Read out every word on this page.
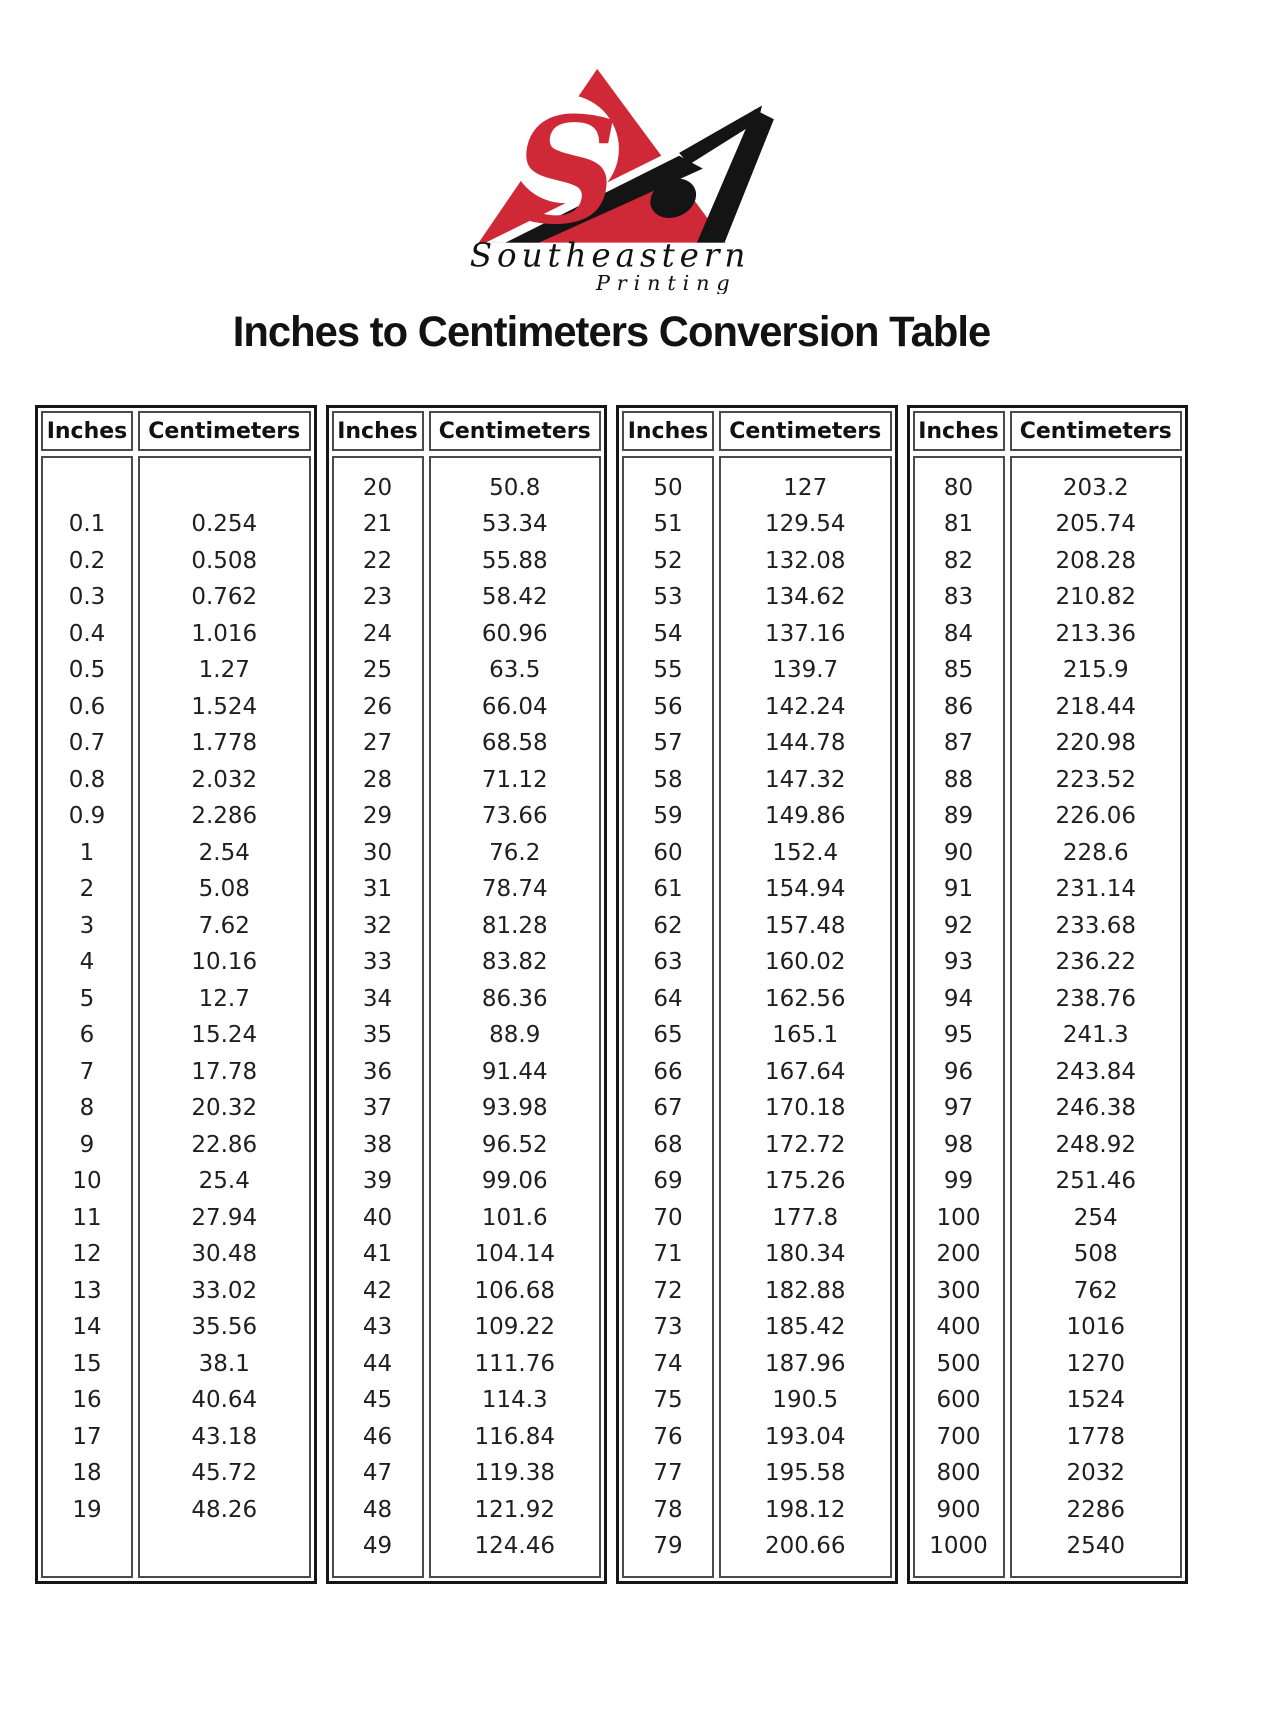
S
Southeastern
Printing
Inches to Centimeters Conversion Table
Inches Centimeters
0.1
0.2
0.3
0.4
0.5
0.6
0.7
0.8
0.9
1
2
3
4
5
6
7
8
9
10
11
12
13
14
15
16
17
18
19
0.254
0.508
0.762
1.016
1.27
1.524
1.778
2.032
2.286
2.54
5.08
7.62
10.16
12.7
15.24
17.78
20.32
22.86
25.4
27.94
30.48
33.02
35.56
38.1
40.64
43.18
45.72
48.26
Inches Centimeters
20
21
22
23
24
25
26
27
28
29
30
31
32
33
34
35
36
37
38
39
40
41
42
43
44
45
46
47
48
49
50.8
53.34
55.88
58.42
60.96
63.5
66.04
68.58
71.12
73.66
76.2
78.74
81.28
83.82
86.36
88.9
91.44
93.98
96.52
99.06
101.6
104.14
106.68
109.22
111.76
114.3
116.84
119.38
121.92
124.46
Inches Centimeters
50
51
52
53
54
55
56
57
58
59
60
61
62
63
64
65
66
67
68
69
70
71
72
73
74
75
76
77
78
79
127
129.54
132.08
134.62
137.16
139.7
142.24
144.78
147.32
149.86
152.4
154.94
157.48
160.02
162.56
165.1
167.64
170.18
172.72
175.26
177.8
180.34
182.88
185.42
187.96
190.5
193.04
195.58
198.12
200.66
Inches Centimeters
80
81
82
83
84
85
86
87
88
89
90
91
92
93
94
95
96
97
98
99
100
200
300
400
500
600
700
800
900
1000
203.2
205.74
208.28
210.82
213.36
215.9
218.44
220.98
223.52
226.06
228.6
231.14
233.68
236.22
238.76
241.3
243.84
246.38
248.92
251.46
254
508
762
1016
1270
1524
1778
2032
2286
2540
